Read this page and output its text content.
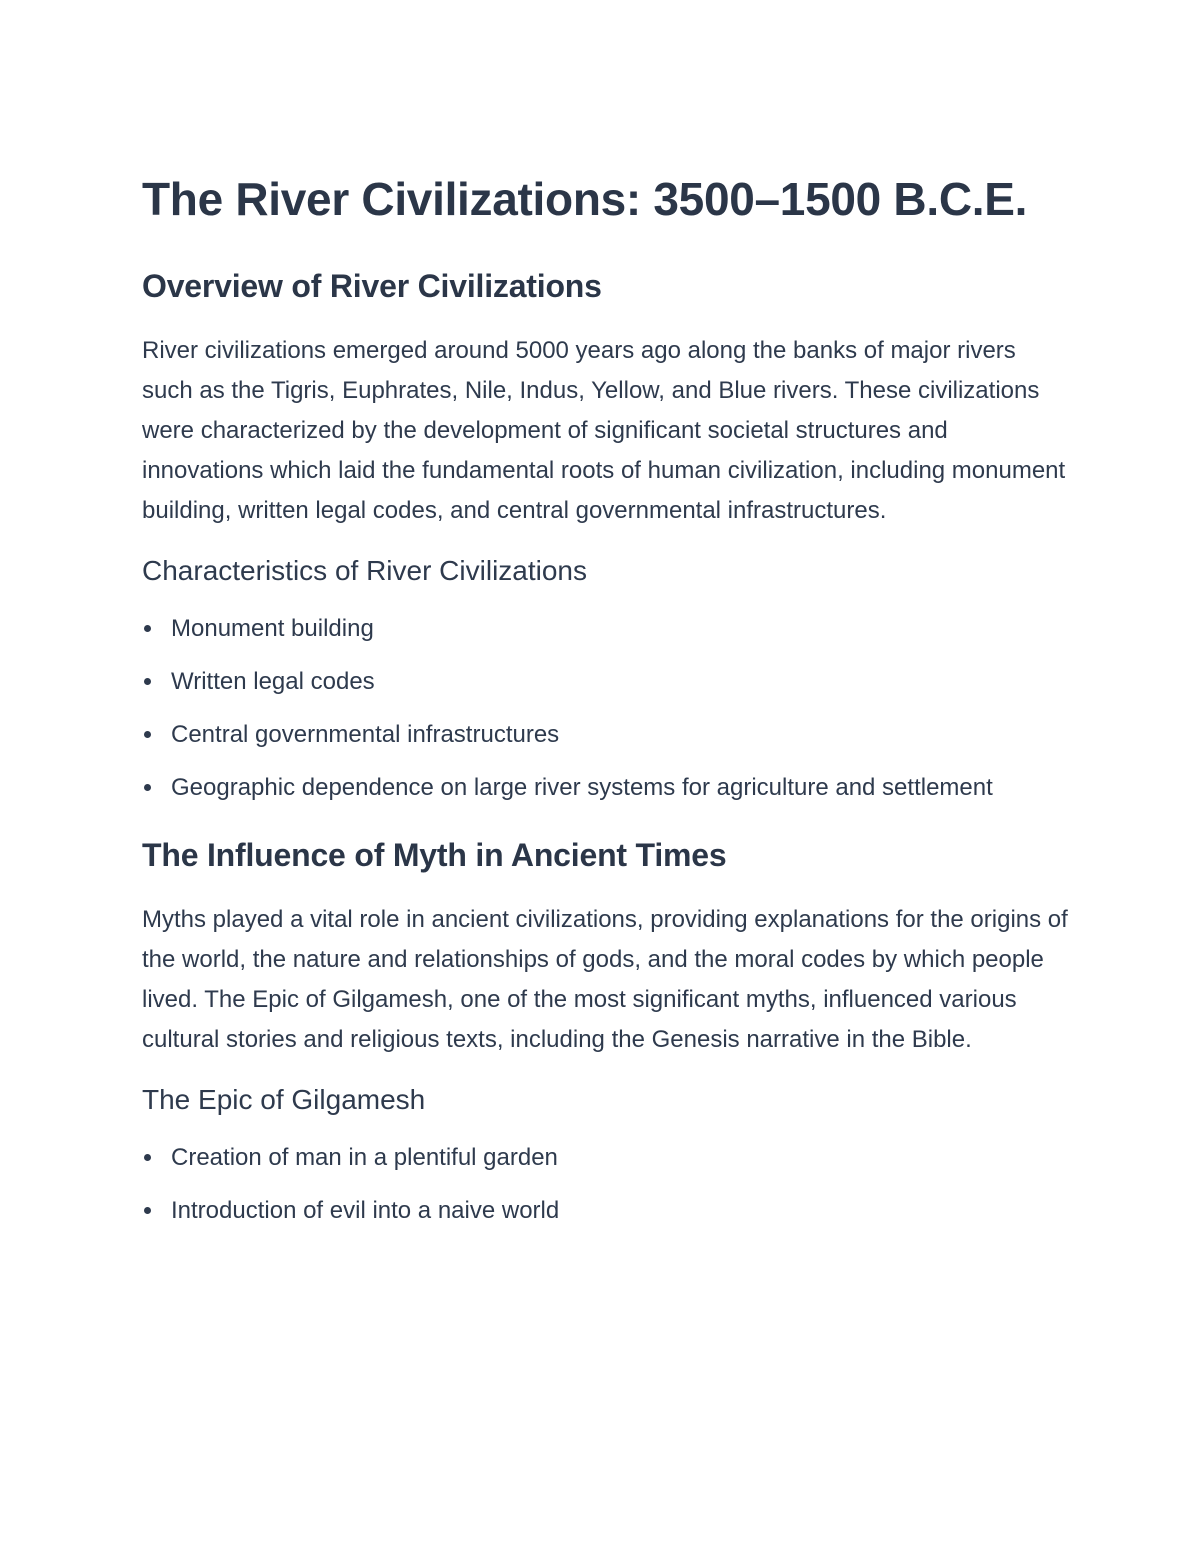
The River Civilizations: 3500–1500 B.C.E.
Overview of River Civilizations

River civilizations emerged around 5000 years ago along the banks of major rivers such as the Tigris, Euphrates, Nile, Indus, Yellow, and Blue rivers. These civilizations were characterized by the development of significant societal structures and innovations which laid the fundamental roots of human civilization, including monument building, written legal codes, and central governmental infrastructures.

Characteristics of River Civilizations
Monument building
Written legal codes
Central governmental infrastructures
Geographic dependence on large river systems for agriculture and settlement
The Influence of Myth in Ancient Times

Myths played a vital role in ancient civilizations, providing explanations for the origins of the world, the nature and relationships of gods, and the moral codes by which people lived. The Epic of Gilgamesh, one of the most significant myths, influenced various cultural stories and religious texts, including the Genesis narrative in the Bible.

The Epic of Gilgamesh
Creation of man in a plentiful garden
Introduction of evil into a naive world
